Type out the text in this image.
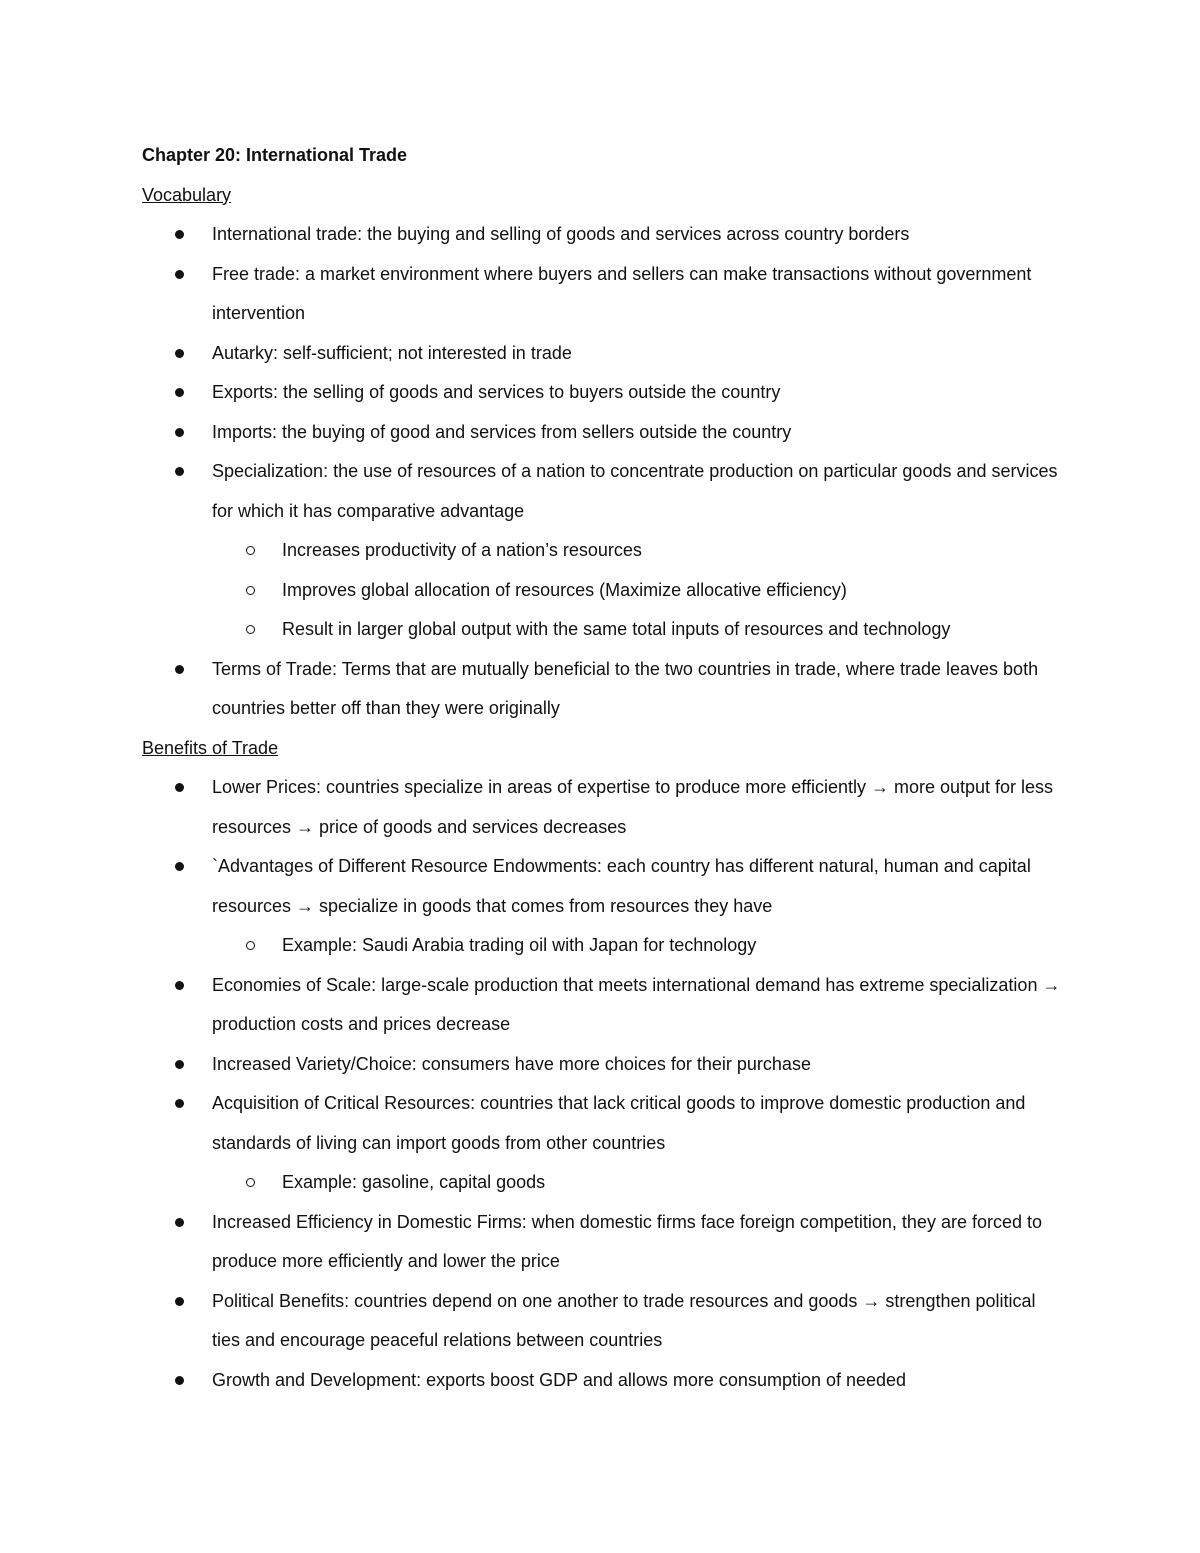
Chapter 20: International Trade
Vocabulary
International trade: the buying and selling of goods and services across country borders
Free trade: a market environment where buyers and sellers can make transactions without government intervention
Autarky: self-sufficient; not interested in trade
Exports: the selling of goods and services to buyers outside the country
Imports: the buying of good and services from sellers outside the country
Specialization: the use of resources of a nation to concentrate production on particular goods and services for which it has comparative advantage
Increases productivity of a nation’s resources
Improves global allocation of resources (Maximize allocative efficiency)
Result in larger global output with the same total inputs of resources and technology
Terms of Trade: Terms that are mutually beneficial to the two countries in trade, where trade leaves both countries better off than they were originally
Benefits of Trade
Lower Prices: countries specialize in areas of expertise to produce more efficiently → more output for less resources → price of goods and services decreases
`Advantages of Different Resource Endowments: each country has different natural, human and capital resources → specialize in goods that comes from resources they have
Example: Saudi Arabia trading oil with Japan for technology
Economies of Scale: large-scale production that meets international demand has extreme specialization → production costs and prices decrease
Increased Variety/Choice: consumers have more choices for their purchase
Acquisition of Critical Resources: countries that lack critical goods to improve domestic production and standards of living can import goods from other countries
Example: gasoline, capital goods
Increased Efficiency in Domestic Firms: when domestic firms face foreign competition, they are forced to produce more efficiently and lower the price
Political Benefits: countries depend on one another to trade resources and goods → strengthen political ties and encourage peaceful relations between countries
Growth and Development: exports boost GDP and allows more consumption of needed
